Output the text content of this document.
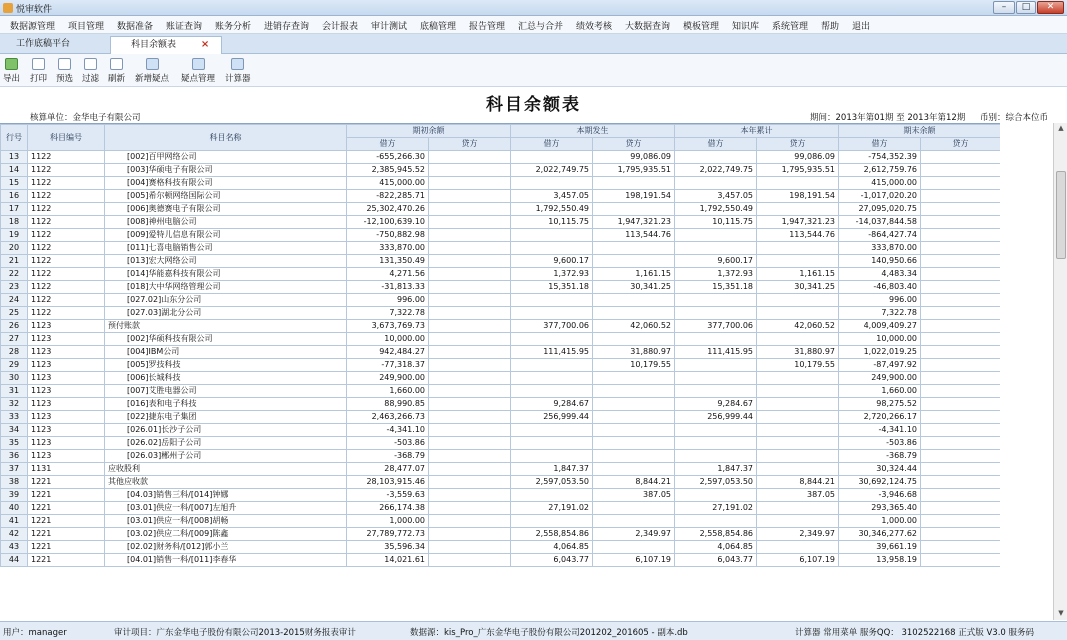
悦审软件	–	□	✕
数据源管理 项目管理 数据准备 账证查询 账务分析 进销存查询 会计报表 审计测试 底稿管理 报告管理 汇总与合并 绩效考核 大数据查询 模板管理 知识库 系统管理 帮助 退出
工作底稿平台	科目余额表 ×
导出 打印 预选 过滤 刷新 新增疑点 疑点管理 计算器
科目余额表
核算单位：金华电子有限公司	期间：2013年第01期 至 2013年第12期 币别：综合本位币
行号	科目编号	科目名称	期初余额		本期发生		本年累计		期末余额	
			借方	贷方	借方	贷方	借方	贷方	借方	贷方
13	1122	[002]百甲网络公司	-655,266.30			99,086.09		99,086.09	-754,352.39	
14	1122	[003]华硕电子有限公司	2,385,945.52		2,022,749.75	1,795,935.51	2,022,749.75	1,795,935.51	2,612,759.76	
15	1122	[004]赛格科技有限公司	415,000.00						415,000.00	
16	1122	[005]希尔顿网络国际公司	-822,285.71		3,457.05	198,191.54	3,457.05	198,191.54	-1,017,020.20	
17	1122	[006]奥德赛电子有限公司	25,302,470.26		1,792,550.49		1,792,550.49		27,095,020.75	
18	1122	[008]神州电脑公司	-12,100,639.10		10,115.75	1,947,321.23	10,115.75	1,947,321.23	-14,037,844.58	
19	1122	[009]爱特儿信息有限公司	-750,882.98			113,544.76		113,544.76	-864,427.74	
20	1122	[011]七喜电脑销售公司	333,870.00						333,870.00	
21	1122	[013]宏大网络公司	131,350.49		9,600.17		9,600.17		140,950.66	
22	1122	[014]华能嘉科技有限公司	4,271.56		1,372.93	1,161.15	1,372.93	1,161.15	4,483.34	
23	1122	[018]大中华网络管理公司	-31,813.33		15,351.18	30,341.25	15,351.18	30,341.25	-46,803.40	
24	1122	[027.02]山东分公司	996.00						996.00	
25	1122	[027.03]湖北分公司	7,322.78						7,322.78	
26	1123	预付账款	3,673,769.73		377,700.06	42,060.52	377,700.06	42,060.52	4,009,409.27	
27	1123	[002]华硕科技有限公司	10,000.00						10,000.00	
28	1123	[004]IBM公司	942,484.27		111,415.95	31,880.97	111,415.95	31,880.97	1,022,019.25	
29	1123	[005]罗技科技	-77,318.37			10,179.55		10,179.55	-87,497.92	
30	1123	[006]长城科技	249,900.00						249,900.00	
31	1123	[007]艾胜电器公司	1,660.00						1,660.00	
32	1123	[016]表和电子科技	88,990.85		9,284.67		9,284.67		98,275.52	
33	1123	[022]捷东电子集团	2,463,266.73		256,999.44		256,999.44		2,720,266.17	
34	1123	[026.01]长沙子公司	-4,341.10						-4,341.10	
35	1123	[026.02]岳阳子公司	-503.86						-503.86	
36	1123	[026.03]郴州子公司	-368.79						-368.79	
37	1131	应收股利	28,477.07		1,847.37		1,847.37		30,324.44	
38	1221	其他应收款	28,103,915.46		2,597,053.50	8,844.21	2,597,053.50	8,844.21	30,692,124.75	
39	1221	[04.03]销售三科/[014]钟娜	-3,559.63			387.05		387.05	-3,946.68	
40	1221	[03.01]供应一科/[007]左旭升	266,174.38		27,191.02		27,191.02		293,365.40	
41	1221	[03.01]供应一科/[008]胡畅	1,000.00						1,000.00	
42	1221	[03.02]供应二科/[009]陈鑫	27,789,772.73		2,558,854.86	2,349.97	2,558,854.86	2,349.97	30,346,277.62	
43	1221	[02.02]财务科/[012]郭小兰	35,596.34		4,064.85		4,064.85		39,661.19	
44	1221	[04.01]销售一科/[011]李春华	14,021.61		6,043.77	6,107.19	6,043.77	6,107.19	13,958.19	
▲
▼
用户：manager	审计项目：广东金华电子股份有限公司2013-2015财务报表审计	数据源：kis_Pro_广东金华电子股份有限公司201202_201605 - 副本.db	计算器 常用菜单 服务QQ： 3102522168 正式版 V3.0 服务码
